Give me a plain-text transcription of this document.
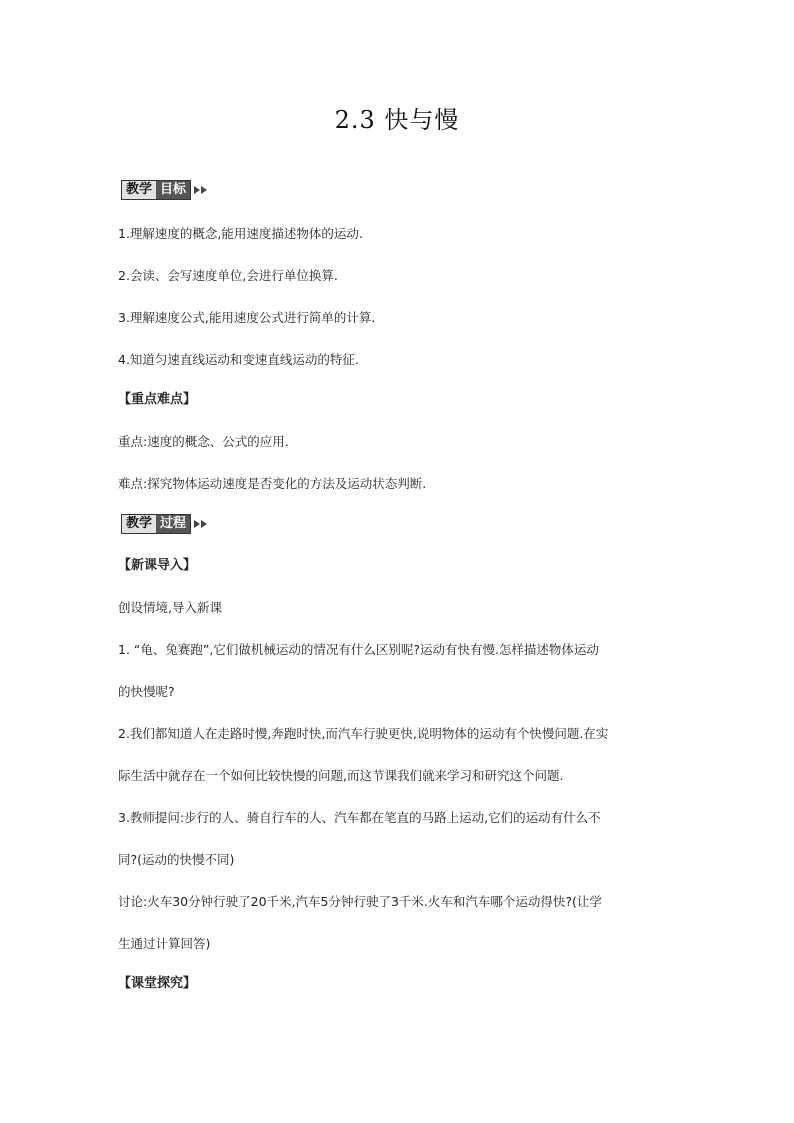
2.3 快与慢
教学 目标
1.理解速度的概念,能用速度描述物体的运动.
2.会读、会写速度单位,会进行单位换算.
3.理解速度公式,能用速度公式进行简单的计算.
4.知道匀速直线运动和变速直线运动的特征.
【重点难点】
重点:速度的概念、公式的应用.
难点:探究物体运动速度是否变化的方法及运动状态判断.
教学 过程
【新课导入】
创设情境,导入新课
1. “龟、兔赛跑”,它们做机械运动的情况有什么区别呢?运动有快有慢.怎样描述物体运动
的快慢呢?
2.我们都知道人在走路时慢,奔跑时快,而汽车行驶更快,说明物体的运动有个快慢问题.在实
际生活中就存在一个如何比较快慢的问题,而这节课我们就来学习和研究这个问题.
3.教师提问:步行的人、骑自行车的人、汽车都在笔直的马路上运动,它们的运动有什么不
同?(运动的快慢不同)
讨论:火车30分钟行驶了20千米,汽车5分钟行驶了3千米.火车和汽车哪个运动得快?(让学
生通过计算回答)
【课堂探究】
